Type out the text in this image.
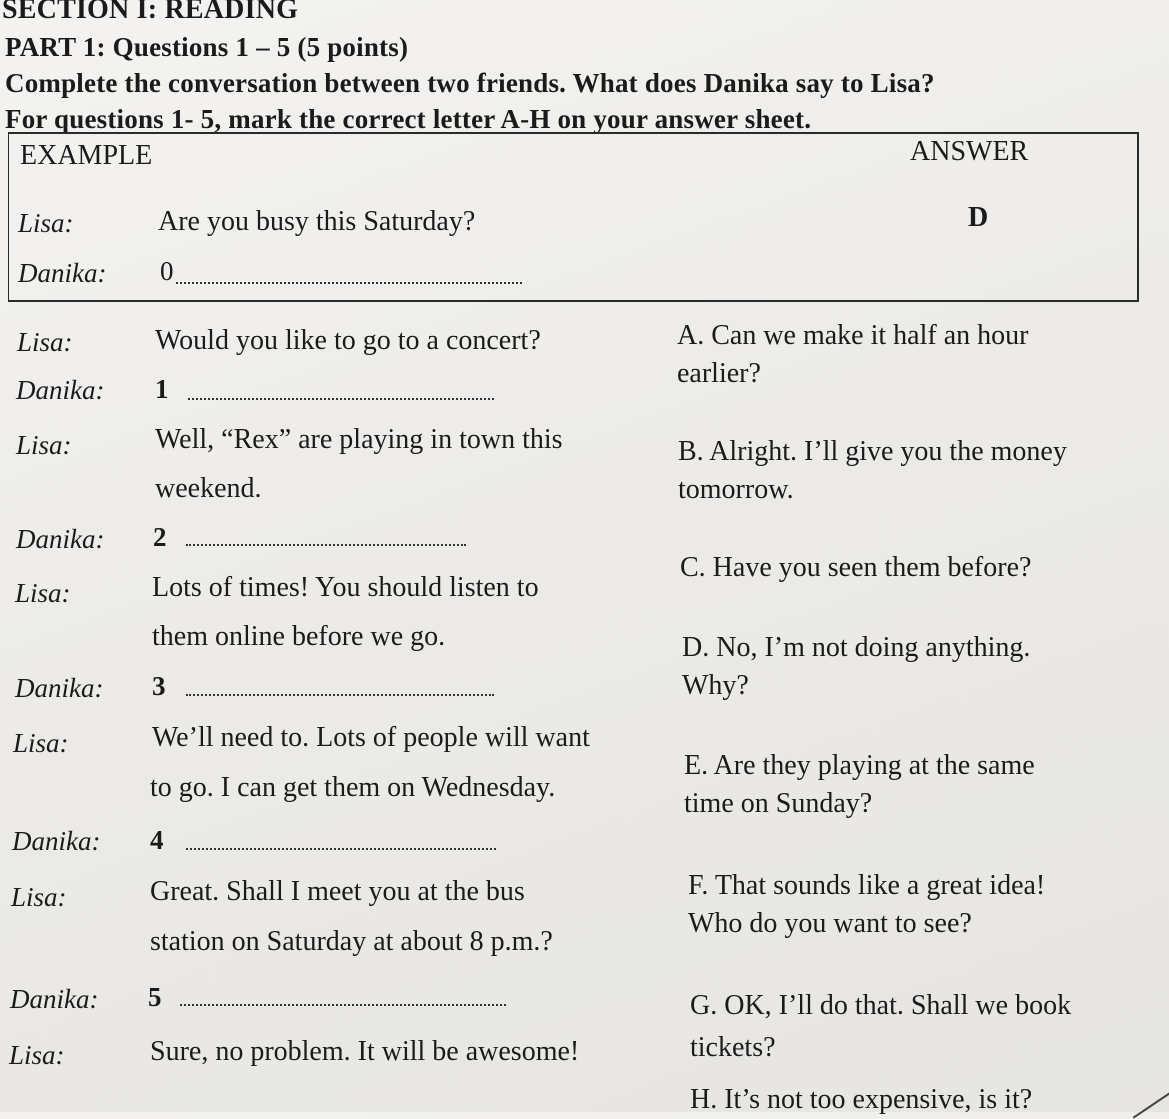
SECTION I: READING
PART 1: Questions 1 – 5 (5 points)
Complete the conversation between two friends. What does Danika say to Lisa?
For questions 1- 5, mark the correct letter A-H on your answer sheet.
EXAMPLE	ANSWER
Lisa:	Are you busy this Saturday?	D
Danika: 0
Lisa:	Would you like to go to a concert?
Danika: 1
Lisa:	Well, “Rex” are playing in town this
weekend.
Danika: 2
Lisa:	Lots of times! You should listen to
them online before we go.
Danika: 3
Lisa:	We’ll need to. Lots of people will want
to go. I can get them on Wednesday.
Danika: 4
Lisa:	Great. Shall I meet you at the bus
station on Saturday at about 8 p.m.?
Danika: 5
Lisa:	Sure, no problem. It will be awesome!
A. Can we make it half an hour
earlier?
B. Alright. I’ll give you the money
tomorrow.
C. Have you seen them before?
D. No, I’m not doing anything.
Why?
E. Are they playing at the same
time on Sunday?
F. That sounds like a great idea!
Who do you want to see?
G. OK, I’ll do that. Shall we book
tickets?
H. It’s not too expensive, is it?
